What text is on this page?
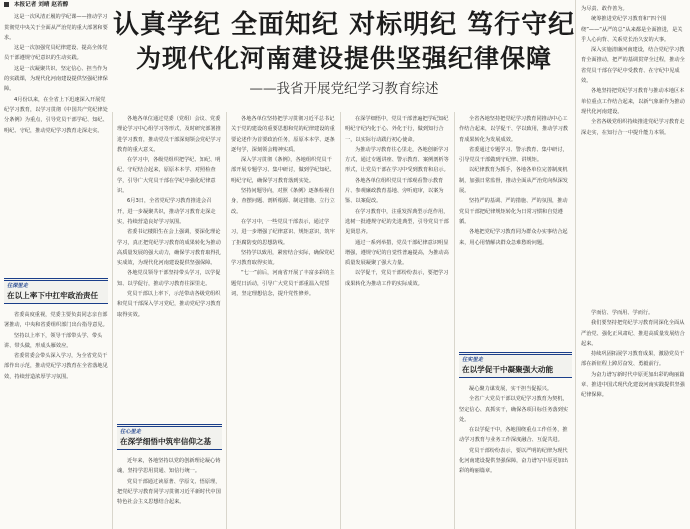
本报记者 刘晴 赵若醇

这是一次风清正履的学纪课——推动学习贯彻党中央关于全面从严治党的重大部署和要求。

这是一次加强党员纪律建设、提高全体党员干部遵规守纪意识的生动实践。

这是一次凝聚共识、坚定信心、担当作为的实践课，为现代化河南建设提供坚强纪律保障。

4月份以来，在全省上下迅速深入开展党纪学习教育，以学习贯彻《中国共产党纪律处分条例》为重点，引导党员干部学纪、知纪、明纪、守纪，推动党纪学习教育走深走实。

往深里走
在以上率下中扛牢政治责任

省委高度重视，党委主要负责同志亲自部署推动，中央和省委组织部门出台指导意见。

坚持以上率下，领导干部带头学、带头讲、带头做，形成头雁效应。

省委常委会带头深入学习，为全省党员干部作出示范，推动党纪学习教育在全省落地见效，持续营造浓厚学习氛围。

认真学纪 全面知纪 对标明纪 笃行守纪
为现代化河南建设提供坚强纪律保障
——我省开展党纪学习教育综述

各地各单位通过党委（党组）会议、党委理论学习中心组学习等形式，及时研究部署推进学习教育，推动党员干部深刻领会党纪学习教育的重大意义。

在学习中，各级党组织把学纪、知纪、明纪、守纪结合起来，原原本本学、对照检查学，引导广大党员干部在学纪中强化纪律意识。

6月3日，全省党纪学习教育推进会召开，进一步凝聚共识，推动学习教育走深走实，持续营造良好学习氛围。

省委书记楼阳生在会上强调，要深化理论学习，真正把党纪学习教育的成果转化为推动高质量发展的强大动力，确保学习教育取得扎实成效，为现代化河南建设提供坚强保障。

各地党员领导干部坚持带头学习，以学促知、以学促行，推动学习教育往深里走。

党员干部以上率下，示范带动各级党组织和党员干部深入学习党纪，推动党纪学习教育取得实效。

往心里走
在深学细悟中筑牢信仰之基

近年来，各地坚持以党的创新理论凝心铸魂，坚持学思用贯通、知信行统一。

党员干部通过读原著、学原文、悟原理，把党纪学习教育同学习贯彻习近平新时代中国特色社会主义思想结合起来。

各地各单位坚持把学习贯彻习近平总书记关于党的建设的重要思想和党的纪律建设的重要论述作为首要政治任务，原原本本学、逐条逐句学，深刻领会精神实质。

深入学习贯彻《条例》，各地组织党员干部开展专题学习、集中研讨，做到学纪知纪、明纪守纪，确保学习教育落到实处。

坚持问题导向，对照《条例》逐条检视自身，查摆问题、剖析根源、制定措施、立行立改。

在学习中，一些党员干部表示，通过学习，进一步增强了纪律意识、规矩意识，筑牢了拒腐防变的思想防线。

坚持学以致用，紧密结合实际，确保党纪学习教育取得实效。

“七一”前后，河南省开展了丰富多彩的主题党日活动，引导广大党员干部重温入党誓词，坚定理想信念，提升党性修养。

在深学细悟中，党员干部普遍把学纪知纪明纪守纪内化于心、外化于行，做到知行合一，以实际行动践行初心使命。

为推动学习教育往心里走，各地创新学习方式，通过专题讲座、警示教育、案例剖析等形式，让党员干部在学习中受到教育和启示。

各地各单位组织党员干部观看警示教育片、参观廉政教育基地、旁听庭审，以案为鉴、以案促改。

在学习教育中，注重发挥典型示范作用，选树一批遵规守纪的先进典型，引导党员干部见贤思齐。

通过一系列举措，党员干部纪律意识明显增强，遵规守纪的自觉性普遍提高，为推动高质量发展凝聚了强大力量。

以学促干，党员干部纷纷表示，要把学习成果转化为推动工作的实际成效。

全省各地坚持把党纪学习教育同推动中心工作结合起来，以学促干、学以致用，推动学习教育成果转化为发展成效。

省委通过专题学习、警示教育、集中研讨，引导党员干部做到守纪律、讲规矩。

以纪律教育为抓手，各地各单位完善制度机制，加强日常监督，推动全面从严治党向纵深发展。

坚持严的基调、严的措施、严的氛围，推动党员干部把纪律规矩转化为日常习惯和自觉遵循。

各地把党纪学习教育同为群众办实事结合起来，用心用情解决群众急难愁盼问题。

往实里走
在以学促干中凝聚强大动能

凝心聚力谋发展，实干担当促振兴。

全省广大党员干部以党纪学习教育为契机，坚定信心、真抓实干，确保各项目标任务落到实处。

在以学促干中，各地围绕重点工作任务，推动学习教育与业务工作深度融合、互促共进。

党员干部纷纷表示，要以严明的纪律为现代化河南建设提供坚强保障，奋力谱写中原更加出彩的绚丽篇章。

为尽责、敢作善为。

统筹推进党纪学习教育和“四个围绕”——“从严的总”从来都是全面推进，是关乎人心向背、关系党长治久安的大事。

深入实施清廉河南建设，结合党纪学习教育全面推动，把严的基调贯穿全过程，推动全省党员干部在学纪中受教育、在守纪中见成效。

各地坚持把党纪学习教育与推动本地区本单位重点工作结合起来，以新气象新作为推动现代化河南建设。

全省各级党组织持续推进党纪学习教育走深走实，在知行合一中提升能力本领。

学而信、学而用、学而行。

我们要坚持把党纪学习教育同深化全面从严治党、强化正风肃纪、推进高质量发展结合起来。

持续巩固拓展学习教育成果，激励党员干部在新征程上踔厉奋发、勇毅前行。

为奋力谱写新时代中原更加出彩的绚丽篇章、推进中国式现代化建设河南实践提供坚强纪律保障。
